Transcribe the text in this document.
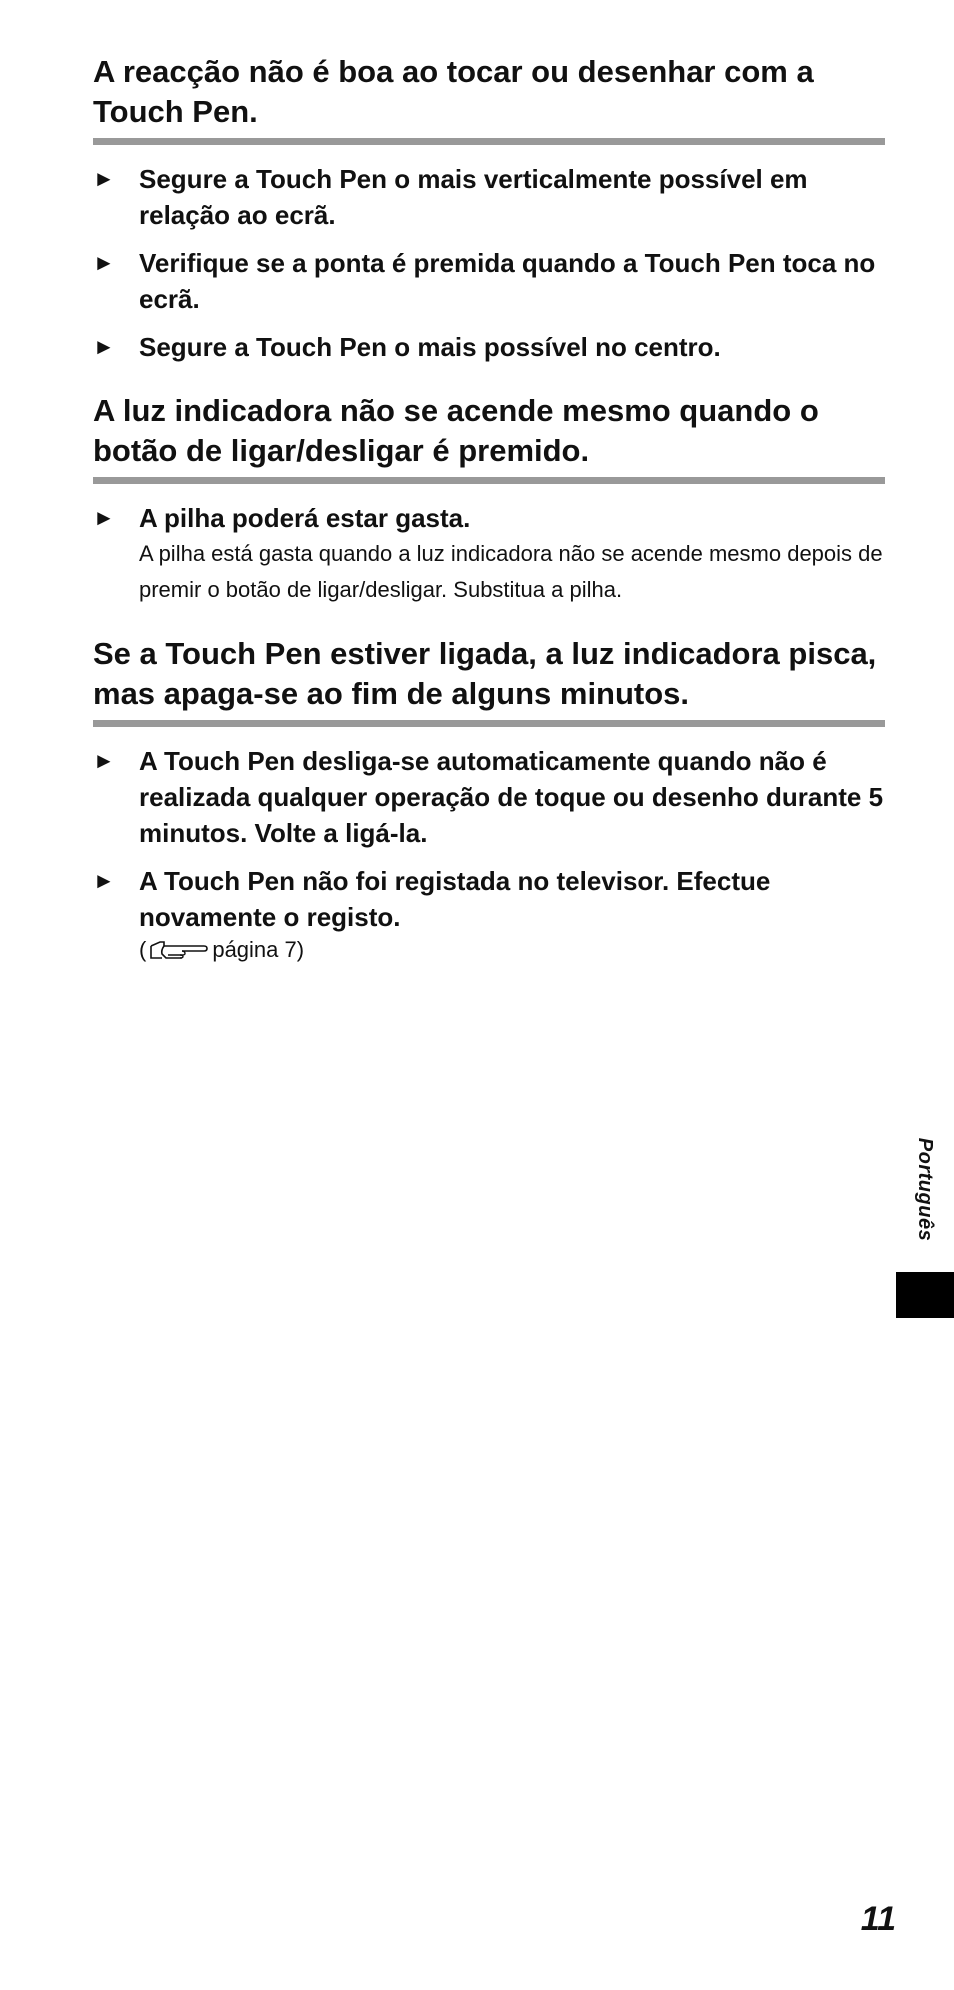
A reacção não é boa ao tocar ou desenhar com a Touch Pen.
► Segure a Touch Pen o mais verticalmente possível em relação ao ecrã.

► Verifique se a ponta é premida quando a Touch Pen toca no ecrã.

► Segure a Touch Pen o mais possível no centro.

A luz indicadora não se acende mesmo quando o botão de ligar/desligar é premido.
► A pilha poderá estar gasta.

A pilha está gasta quando a luz indicadora não se acende mesmo depois de premir o botão de ligar/desligar. Substitua a pilha.

Se a Touch Pen estiver ligada, a luz indicadora pisca, mas apaga-se ao fim de alguns minutos.
► A Touch Pen desliga-se automaticamente quando não é realizada qualquer operação de toque ou desenho durante 5 minutos. Volte a ligá-la.

► A Touch Pen não foi registada no televisor. Efectue novamente o registo.

(	página 7)

Português
11
